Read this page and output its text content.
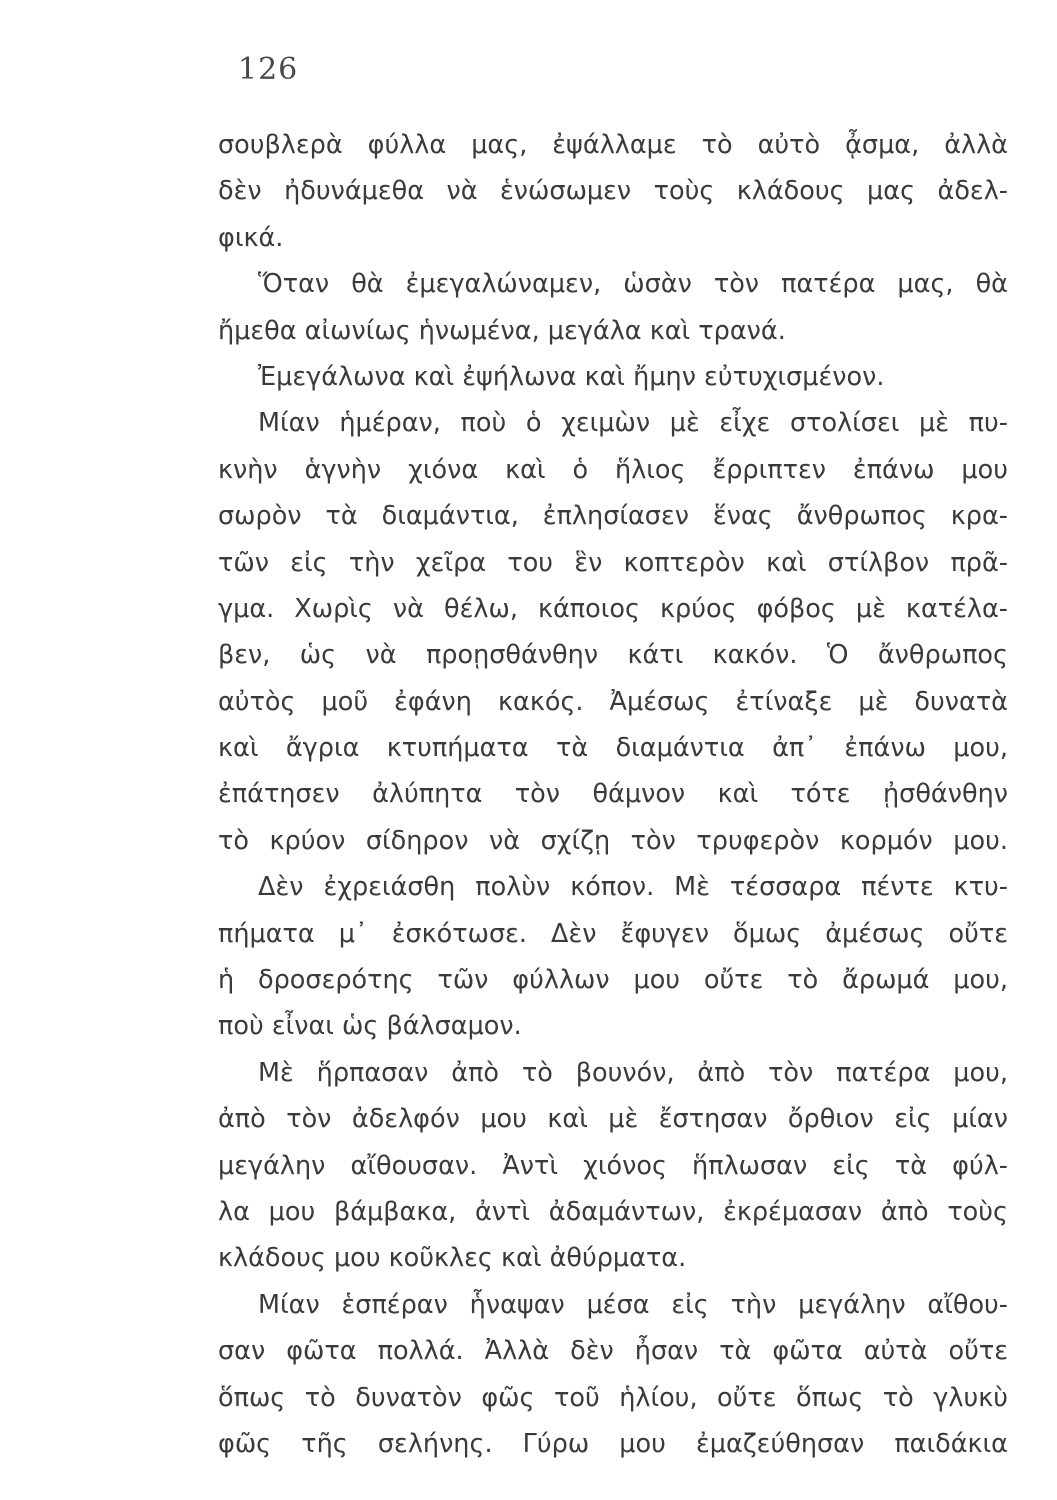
126
σουβλερὰ φύλλα μας, ἐψάλλαμε τὸ αὐτὸ ᾆσμα, ἀλλὰ
δὲν ἠδυνάμεθα νὰ ἑνώσωμεν τοὺς κλάδους μας ἀδελ-
φικά.
Ὅταν θὰ ἐμεγαλώναμεν, ὡσὰν τὸν πατέρα μας, θὰ
ἤμεθα αἰωνίως ἡνωμένα, μεγάλα καὶ τρανά.
Ἐμεγάλωνα καὶ ἐψήλωνα καὶ ἤμην εὐτυχισμένον.
Μίαν ἡμέραν, ποὺ ὁ χειμὼν μὲ εἶχε στολίσει μὲ πυ-
κνὴν ἁγνὴν χιόνα καὶ ὁ ἥλιος ἔρριπτεν ἐπάνω μου
σωρὸν τὰ διαμάντια, ἐπλησίασεν ἕνας ἄνθρωπος κρα-
τῶν εἰς τὴν χεῖρα του ἓν κοπτερὸν καὶ στίλβον πρᾶ-
γμα. Χωρὶς νὰ θέλω, κάποιος κρύος φόβος μὲ κατέλα-
βεν, ὡς νὰ προῃσθάνθην κάτι κακόν. Ὁ ἄνθρωπος
αὐτὸς μοῦ ἐφάνη κακός. Ἀμέσως ἐτίναξε μὲ δυνατὰ
καὶ ἄγρια κτυπήματα τὰ διαμάντια ἀπ᾽ ἐπάνω μου,
ἐπάτησεν ἀλύπητα τὸν θάμνον καὶ τότε ᾐσθάνθην
τὸ κρύον σίδηρον νὰ σχίζῃ τὸν τρυφερὸν κορμόν μου.
Δὲν ἐχρειάσθη πολὺν κόπον. Μὲ τέσσαρα πέντε κτυ-
πήματα μ᾽ ἐσκότωσε. Δὲν ἔφυγεν ὅμως ἀμέσως οὔτε
ἡ δροσερότης τῶν φύλλων μου οὔτε τὸ ἄρωμά μου,
ποὺ εἶναι ὡς βάλσαμον.
Μὲ ἥρπασαν ἀπὸ τὸ βουνόν, ἀπὸ τὸν πατέρα μου,
ἀπὸ τὸν ἀδελφόν μου καὶ μὲ ἔστησαν ὄρθιον εἰς μίαν
μεγάλην αἴθουσαν. Ἀντὶ χιόνος ἥπλωσαν εἰς τὰ φύλ-
λα μου βάμβακα, ἀντὶ ἀδαμάντων, ἐκρέμασαν ἀπὸ τοὺς
κλάδους μου κοῦκλες καὶ ἀθύρματα.
Μίαν ἑσπέραν ἧναψαν μέσα εἰς τὴν μεγάλην αἴθου-
σαν φῶτα πολλά. Ἀλλὰ δὲν ἦσαν τὰ φῶτα αὐτὰ οὔτε
ὅπως τὸ δυνατὸν φῶς τοῦ ἡλίου, οὔτε ὅπως τὸ γλυκὺ
φῶς τῆς σελήνης. Γύρω μου ἐμαζεύθησαν παιδάκια
